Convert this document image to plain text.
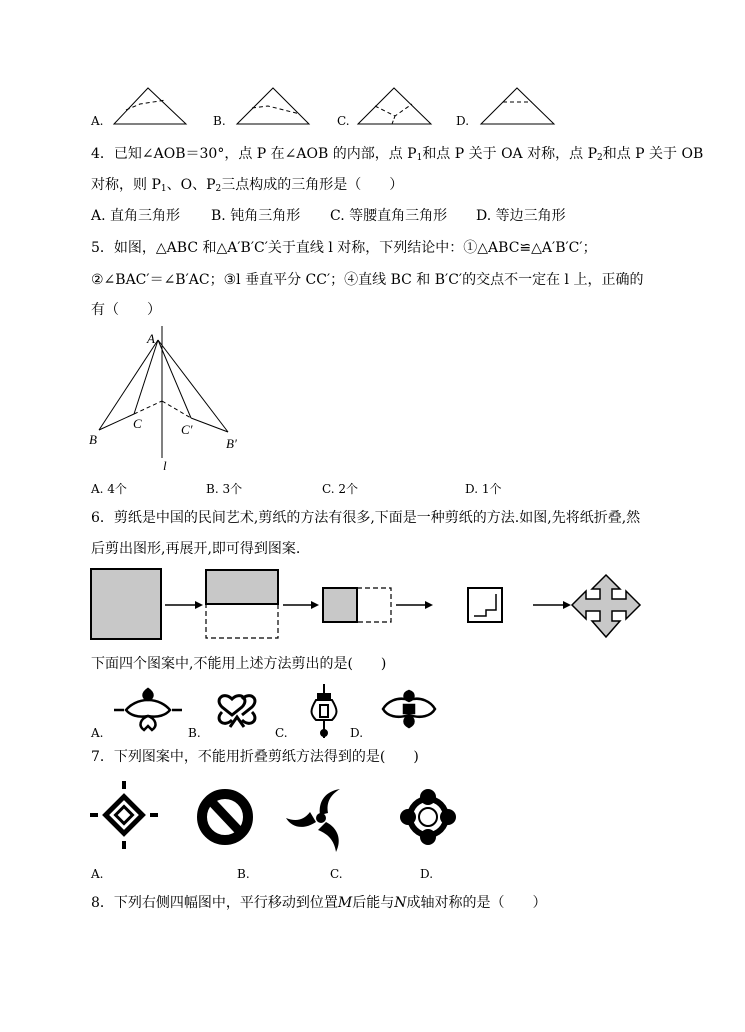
A.	B.	C.	D.
4．已知∠AOB＝30°，点 P 在∠AOB 的内部，点 $P_1$和点 P 关于 OA 对称，点 $P_2$和点 P 关于 OB
对称，则 $P_1$、O、$P_2$三点构成的三角形是（　　）
A. 直角三角形 B. 钝角三角形 C. 等腰直角三角形 D. 等边三角形
5．如图，△ABC 和△A′B′C′关于直线 l 对称，下列结论中：①△ABC≌△A′B′C′；
②∠BAC′＝∠B′AC；③l 垂直平分 CC′；④直线 BC 和 B′C′的交点不一定在 l 上，正确的
有（　　）
A
B
C	C′
B′
l
A. 4个	B. 3个	C. 2个	D. 1个
6．剪纸是中国的民间艺术,剪纸的方法有很多,下面是一种剪纸的方法.如图,先将纸折叠,然
后剪出图形,再展开,即可得到图案.
下面四个图案中,不能用上述方法剪出的是(　　)
A.	B.	C.	D.
7．下列图案中，不能用折叠剪纸方法得到的是(　　)
A.	B.	C.	D.
8．下列右侧四幅图中，平行移动到位置M后能与N成轴对称的是（　　）
